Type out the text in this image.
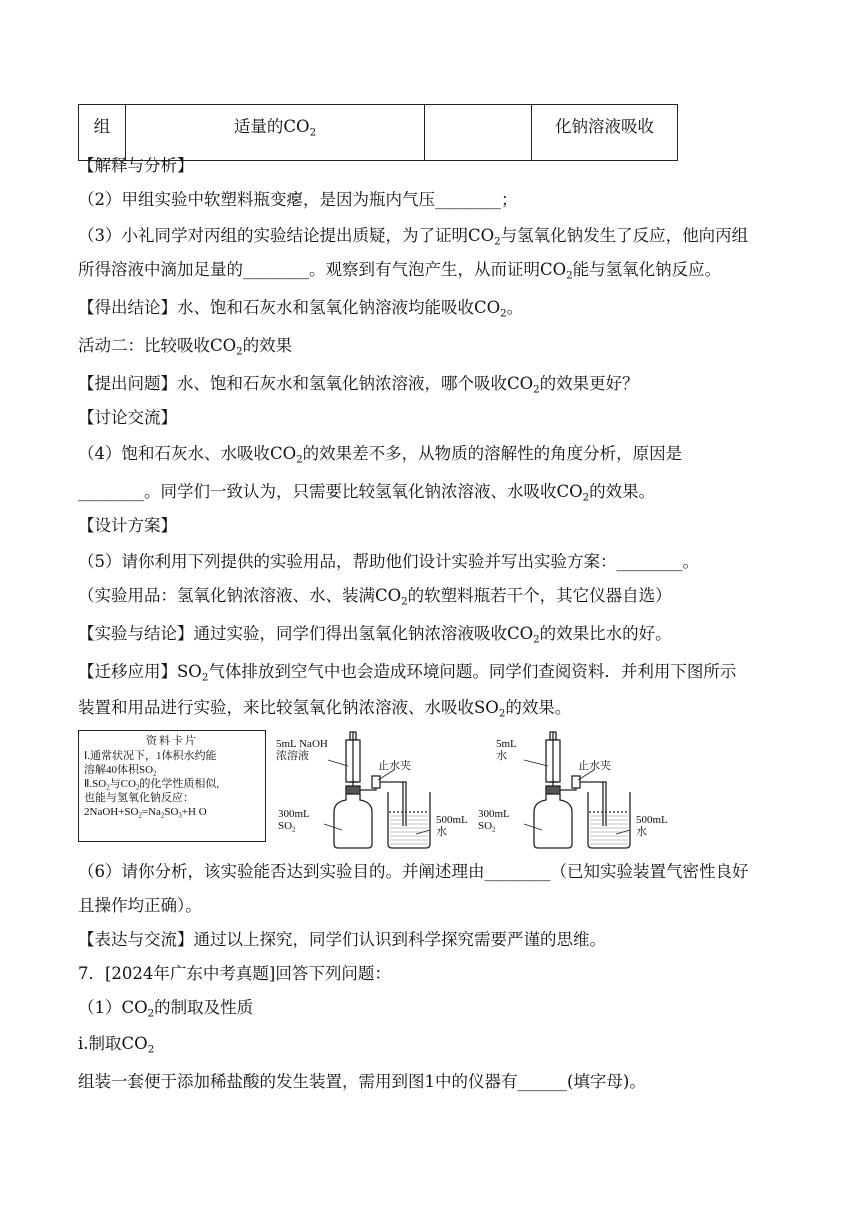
组	适量的$CO_2$		化钠溶液吸收
【解释与分析】
（2）甲组实验中软塑料瓶变瘪，是因为瓶内气压________；
（3）小礼同学对丙组的实验结论提出质疑，为了证明$CO_2$与氢氧化钠发生了反应，他向丙组
所得溶液中滴加足量的________。观察到有气泡产生，从而证明$CO_2$能与氢氧化钠反应。
【得出结论】水、饱和石灰水和氢氧化钠溶液均能吸收$CO_2$。
活动二：比较吸收$CO_2$的效果
【提出问题】水、饱和石灰水和氢氧化钠浓溶液，哪个吸收$CO_2$的效果更好？
【讨论交流】
（4）饱和石灰水、水吸收$CO_2$的效果差不多，从物质的溶解性的角度分析，原因是
________。同学们一致认为，只需要比较氢氧化钠浓溶液、水吸收$CO_2$的效果。
【设计方案】
（5）请你利用下列提供的实验用品，帮助他们设计实验并写出实验方案：________。
（实验用品：氢氧化钠浓溶液、水、装满$CO_2$的软塑料瓶若干个，其它仪器自选）
【实验与结论】通过实验，同学们得出氢氧化钠浓溶液吸收$CO_2$的效果比水的好。
【迁移应用】$SO_2$气体排放到空气中也会造成环境问题。同学们查阅资料．并利用下图所示
装置和用品进行实验，来比较氢氧化钠浓溶液、水吸收$SO_2$的效果。
资料卡片
Ⅰ.通常状况下，1体积水约能
溶解40体积$SO_2$
$Ⅱ.SO_2$与$CO_2$的化学性质相似,
也能与氢氧化钠反应：
$2NaOH+SO_2=Na_2SO_3+H$ O
5mL NaOH
浓溶液
止水夹
300mL
$SO_2$
500mL
水
5mL
水
止水夹
300mL
$SO_2$
500mL
水
（6）请你分析，该实验能否达到实验目的。并阐述理由________（已知实验装置气密性良好
且操作均正确）。
【表达与交流】通过以上探究，同学们认识到科学探究需要严谨的思维。
7．[2024年广东中考真题]回答下列问题：
$(1)CO_2$的制取及性质
ⅰ.制取$CO_2$
组装一套便于添加稀盐酸的发生装置，需用到图1中的仪器有______(填字母)。
